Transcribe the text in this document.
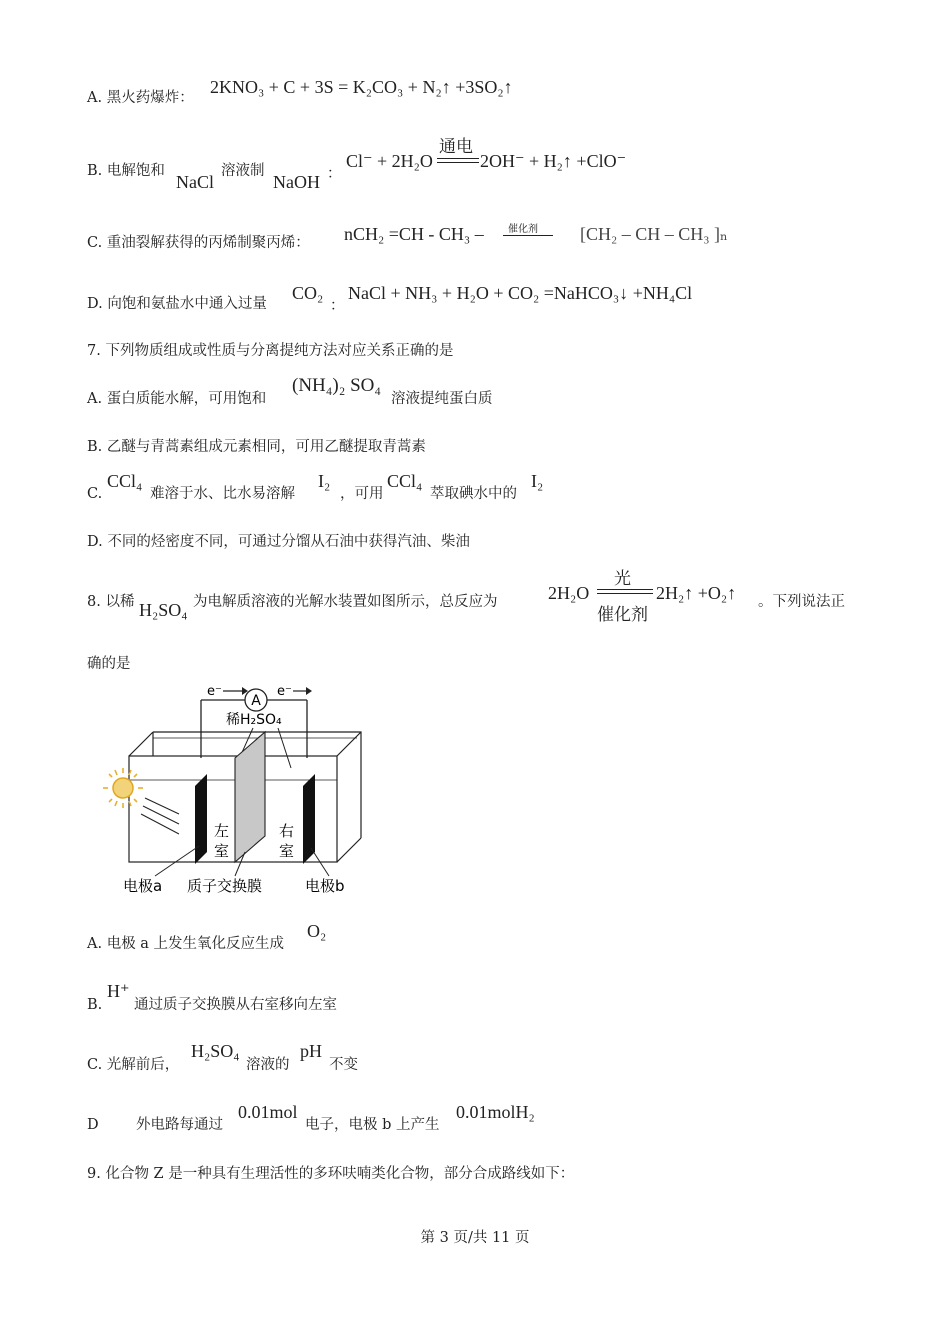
A. 黑火药爆炸：
2KNO₃ + C + 3S = K₂CO₃ + N₂↑ +3SO₂↑
B. 电解饱和
NaCl
溶液制
NaOH ：
Cl⁻ + 2H₂O
通电
2OH⁻ + H₂↑ +ClO⁻
C. 重油裂解获得的丙烯制聚丙烯： nCH₂ =CH - CH₃ – 催化剂 [CH₂ – CH – CH₃ ]ₙ
D. 向饱和氨盐水中通入过量
CO₂
：
NaCl + NH₃ + H₂O + CO₂ =NaHCO₃↓ +NH₄Cl
7. 下列物质组成或性质与分离提纯方法对应关系正确的是
A. 蛋白质能水解，可用饱和
(NH₄)₂ SO₄
溶液提纯蛋白质
B. 乙醚与青蒿素组成元素相同，可用乙醚提取青蒿素
C.
CCl₄
难溶于水、比水易溶解
I₂
，可用
CCl₄
萃取碘水中的
I₂
D. 不同的烃密度不同，可通过分馏从石油中获得汽油、柴油
8. 以稀 H₂SO₄ 为电解质溶液的光解水装置如图所示，总反应为	2H₂O
光
催化剂
2H₂↑ +O₂↑ 。下列说法正
确的是
A
e⁻	e⁻
稀H₂SO₄
左
室
右
室
电极a 质子交换膜	电极b
A. 电极 a 上发生氧化反应生成
O₂
B.
H⁺
通过质子交换膜从右室移向左室
C. 光解前后，
H₂SO₄
溶液的
pH
不变
D	外电路每通过
0.01mol
电子，电极 b 上产生
0.01molH₂
9. 化合物 Z 是一种具有生理活性的多环呋喃类化合物，部分合成路线如下：
第 3 页/共 11 页
